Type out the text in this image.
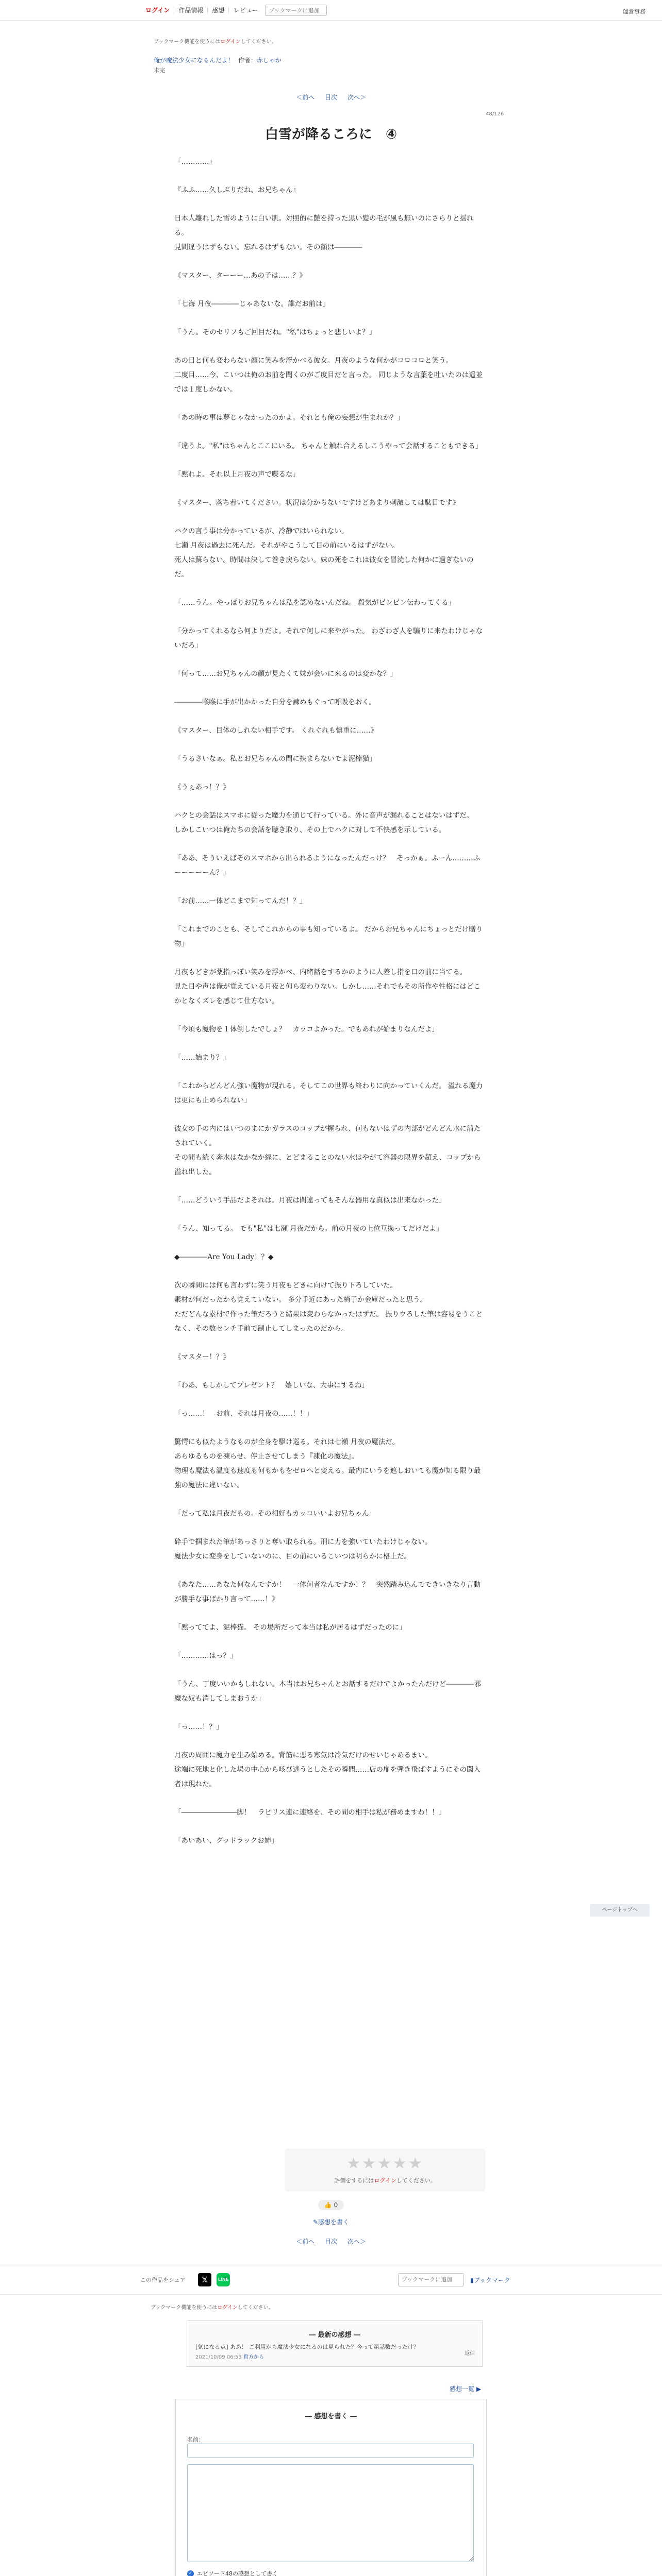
ログイン	作品情報	感想	レビュー
ブックマークに追加	運営事務
ブックマーク機能を使うにはログインしてください。
俺が魔法少女になるんだよ！ 作者：赤しゃか
未完
＜前へ 目次 次へ＞
48/126
白雪が降るころに　④

「…………」

『ふふ……久しぶりだね、お兄ちゃん』

日本人離れした雪のように白い肌。対照的に艶を持った黒い髪の毛が風も無いのにさらりと揺れる。
見間違うはずもない。忘れるはずもない。その顔は――――

《マスター、ターーー…あの子は……？》

「七海 月夜――――じゃあないな。誰だお前は」

「うん。そのセリフもご回目だね。"私"はちょっと悲しいよ？」

あの日と何も変わらない顔に笑みを浮かべる彼女。月夜のような何かがコロコロと笑う。
二度目……今、こいつは俺のお前を聞くのがご度目だと言った。 同じような言葉を吐いたのは遥並では１度しかない。

「あの時の事は夢じゃなかったのかよ。それとも俺の妄想が生まれか？」

「違うよ。"私"はちゃんとここにいる。 ちゃんと触れ合えるしこうやって会話することもできる」

「黙れよ。それ以上月夜の声で喋るな」

《マスター、落ち着いてください。状況は分からないですけどあまり刺激しては駄目です》

ハクの言う事は分かっているが、冷静ではいられない。
七瀬 月夜は過去に死んだ。それがやこうして目の前にいるはずがない。
死人は蘇らない。時間は決して巻き戻らない。妹の死をこれは彼女を冒涜した何かに過ぎないのだ。

「……うん。やっぱりお兄ちゃんは私を認めないんだね。 殺気がビンビン伝わってくる」

「分かってくれるなら何よりだよ。それで何しに来やがった。 わざわざ人を騙りに来たわけじゃないだろ」

「何って……お兄ちゃんの顔が見たくて妹が会いに来るのは変かな？」

――――喉喉に手が出かかった自分を諫めもぐって呼吸をおく。

《マスター、目体のしれない相手です。 くれぐれも慎重に……》

「うるさいなぁ。私とお兄ちゃんの間に挟まらないでよ泥棒猫」

《うぇあっ！？》

ハクとの会話はスマホに従った魔力を通じて行っている。外に音声が漏れることはないはずだ。
しかしこいつは俺たちの会話を聴き取り、その上でハクに対して不快感を示している。

「ああ、そういえばそのスマホから出られるようになったんだっけ？　そっかぁ。ふーん………ふーーーーーん？」

「お前……一体どこまで知ってんだ！？」

「これまでのことも、そしてこれからの事も知っているよ。 だからお兄ちゃんにちょっとだけ贈り物」

月夜もどきが薬指っぽい笑みを浮かべ、内緒話をするかのように人差し指を口の前に当てる。
見た目や声は俺が覚えている月夜と何ら変わりない。しかし……それでもその所作や性格にはどこかとなくズレを感じて仕方ない。

「今頃も魔物を１体倒したでしょ？　カッコよかった。でもあれが始まりなんだよ」

「……始まり？」

「これからどんどん強い魔物が現れる。そしてこの世界も終わりに向かっていくんだ。 溢れる魔力は更にも止められない」

彼女の手の内にはいつのまにかガラスのコップが握られ、何もないはずの内部がどんどん水に満たされていく。
その間も続く奔水はなかなか縁に、とどまることのない水はやがて容器の限界を超え、コップから溢れ出した。

「……どういう手品だよそれは。月夜は間違ってもそんな器用な真似は出来なかった」

「うん、知ってる。 でも"私"は七瀬 月夜だから。前の月夜の上位互換ってだけだよ」

◆――――Are You Lady！？◆

次の瞬間には何も言わずに笑う月夜もどきに向けて振り下ろしていた。
素材が何だったかも覚えていない。 多分手近にあった椅子か金庫だったと思う。
ただどんな素材で作った筆だろうと結果は変わらなかったはずだ。 振りウろした筆は容易をうことなく、その数センチ手前で制止してしまったのだから。

《マスター！？》

「わあ、もしかしてプレゼント？　嬉しいな、大事にするね」

「っ……！　お前、それは月夜の……！！」

驚愕にも似たようなものが全身を駆け巡る。それは七瀬 月夜の魔法だ。
あらゆるものを凍らせ、停止させてしまう『凍化の魔法』。
物理も魔法も温度も速度も何もかもをゼロへと変える。最内にいうを遮しおいても魔が知る限り最強の魔法に違いない。

「だって私は月夜だもの。その相好もカッコいいよお兄ちゃん」

砕手で掴まれた筆があっさりと奪い取られる。刑に力を強いていたわけじゃない。
魔法少女に変身をしていないのに、目の前にいるこいつは明らかに格上だ。

《あなた……あなた何なんですか！　一体何者なんですか！？　突然踏み込んでできいきなり言動が勝手な事ばかり言って……！》

「黙っててよ、泥棒猫。 その場所だって本当は私が居るはずだったのに」

「…………はっ？」

「うん、丁度いいかもしれない。本当はお兄ちゃんとお話するだけでよかったんだけど――――邪魔な奴も消してしまおうか」

「っ……！？」

月夜の周囲に魔力を生み始める。背筋に悪る寒気は冷気だけのせいじゃあるまい。
途端に死地と化した場の中心から咳び逃うとしたその瞬間……店の扉を弾き飛ばすようにその闖入者は現れた。

「――――――――脚！　ラピリス連に連絡を、その間の相手は私が務めますわ！！」

「あいあい、グッドラックお姉」

★★★★★
評価をするにはログインしてください。
👍 0
✎感想を書く
＜前へ 目次 次へ＞
この作品をシェア	𝕏	LINE
ブックマークに追加	▮ブックマーク
ブックマーク機能を使うにはログインしてください。
― 最新の感想 ―
[気になる点] ああ！ ご利用から魔法少女になるのは見られた？今って第話数だったけ？
2021/10/09 06:53 貴方から
返信
感想一覧 ▶
― 感想を書く ―
名前：
✓ エピソード48の感想として書く
ページトップへ
